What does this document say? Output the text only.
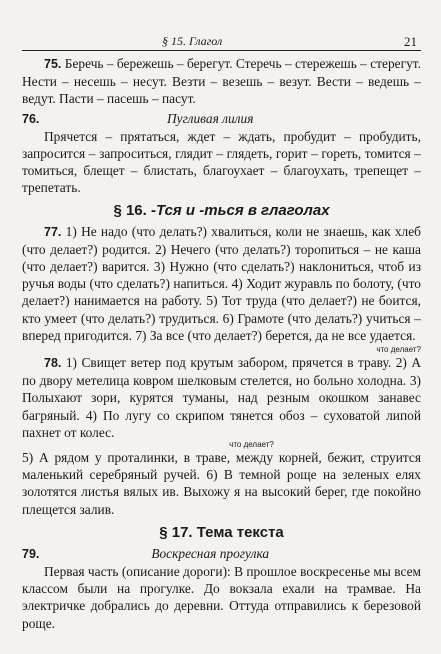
§ 15. Глагол	21

75. Беречь – бережешь – берегут. Стеречь – стережешь – стерегут. Нести – несешь – несут. Везти – везешь – везут. Вести – ведешь – ведут. Пасти – пасешь – пасут.

76.	Пугливая лилия

Прячется – прятаться, ждет – ждать, пробудит – пробудить, запросится – запроситься, глядит – глядеть, горит – гореть, томится – томиться, блещет – блистать, благоухает – благоухать, трепещет – трепетать.

§ 16. -Тся и -ться в глаголах

77. 1) Не надо (что делать?) хвалиться, коли не знаешь, как хлеб (что делает?) родится. 2) Нечего (что делать?) торопиться – не каша (что делает?) варится. 3) Нужно (что сделать?) наклониться, чтоб из ручья воды (что сделать?) напиться. 4) Ходит журавль по болоту, (что делает?) нанимается на работу. 5) Тот труда (что делает?) не боится, кто умеет (что делать?) трудиться. 6) Грамоте (что делать?) учиться – вперед пригодится. 7) За все (что делает?) берется, да не все удается.

что делает?

78. 1) Свищет ветер под крутым забором, прячется в траву. 2) А по двору метелица ковром шелковым стелется, но больно холодна. 3) Полыхают зори, курятся туманы, над резным окошком занавес багряный. 4) По лугу со скрипом тянется обоз – суховатой липой пахнет от колес.

что делает?

5) А рядом у проталинки, в траве, между корней, бежит, струится маленький серебряный ручей. 6) В темной роще на зеленых елях золотятся листья вялых ив. Выхожу я на высокий берег, где покойно плещется залив.

§ 17. Тема текста
79.	Воскресная прогулка

Первая часть (описание дороги): В прошлое воскресенье мы всем классом были на прогулке. До вокзала ехали на трамвае. На электричке добрались до деревни. Оттуда отправились к березовой роще.
